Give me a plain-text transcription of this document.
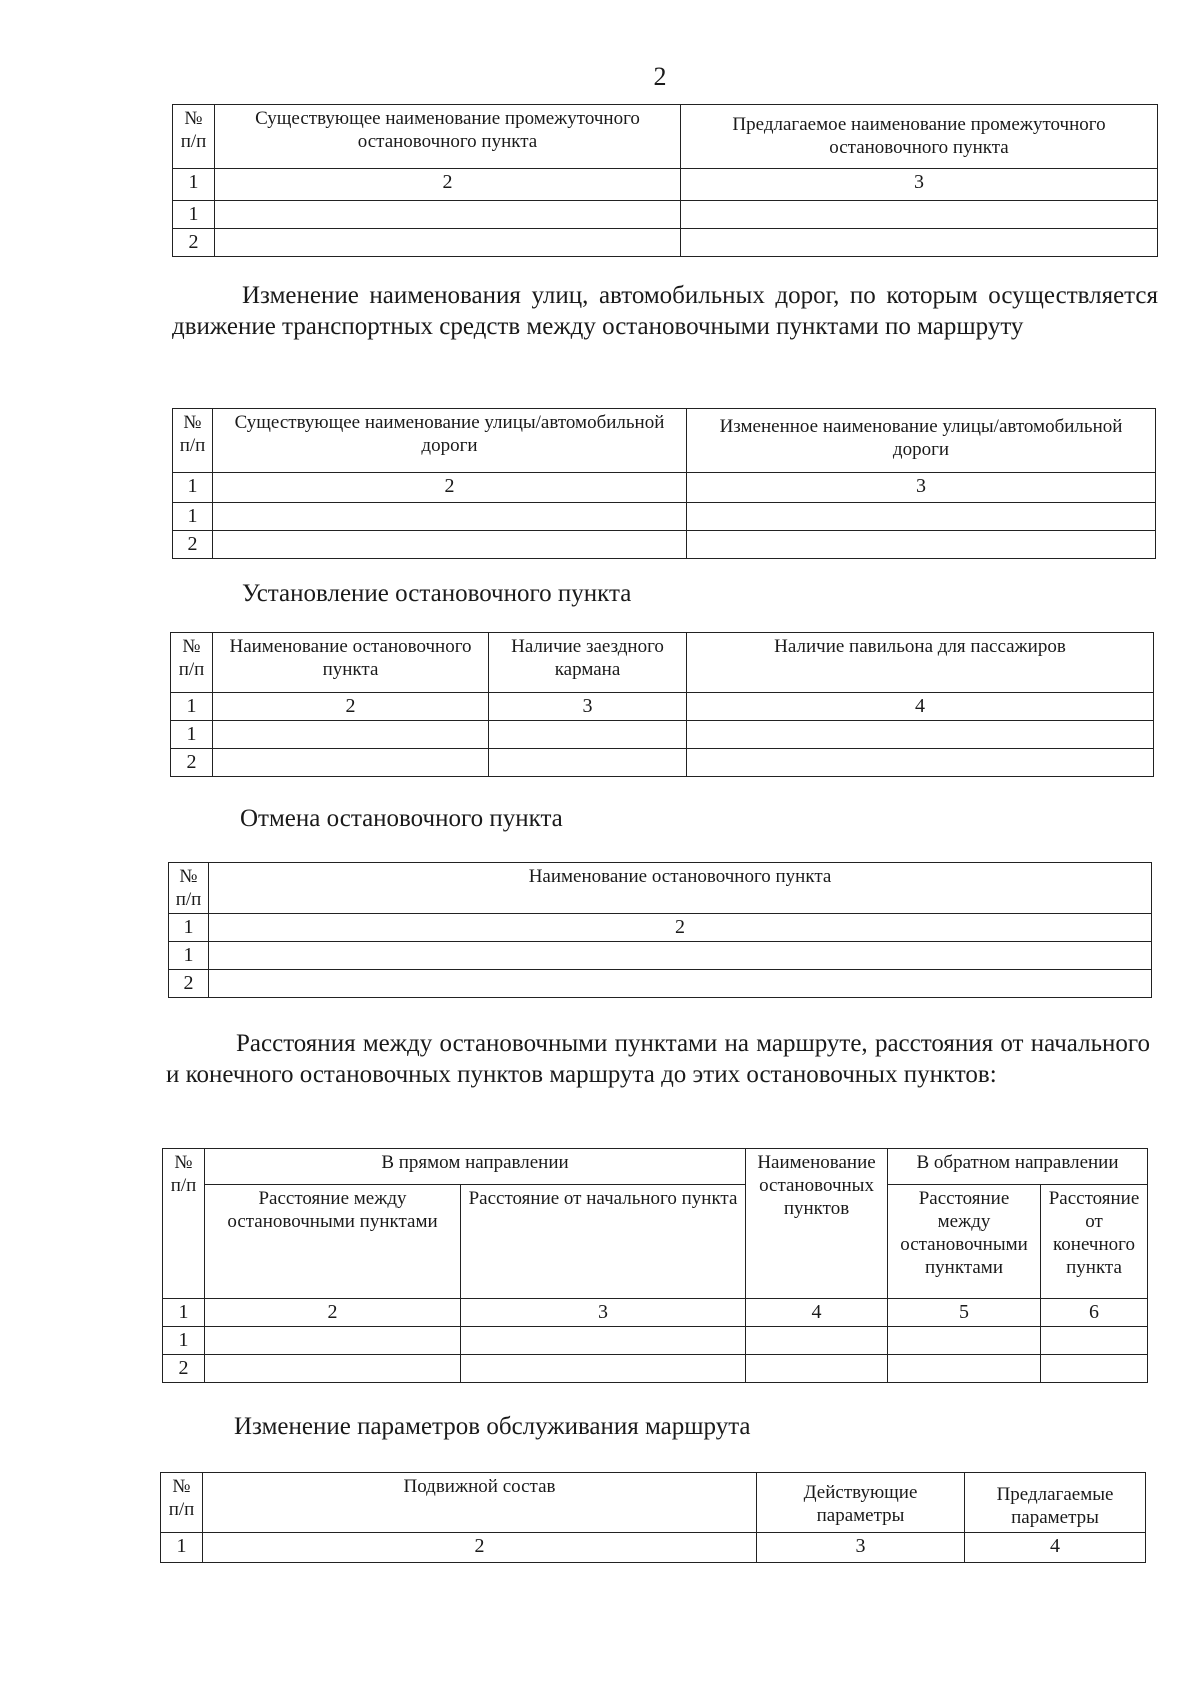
2
№ п/п	Существующее наименование промежуточного остановочного пункта	Предлагаемое наименование промежуточного остановочного пункта
1	2	3
1		
2		
Изменение наименования улиц, автомобильных дорог, по которым осуществляется движение транспортных средств между остановочными пунктами по маршруту
№ п/п	Существующее наименование улицы/автомобильной дороги	Измененное наименование улицы/автомобильной дороги
1	2	3
1		
2		
Установление остановочного пункта
№ п/п	Наименование остановочного пункта	Наличие заездного кармана	Наличие павильона для пассажиров
1	2	3	4
1			
2			
Отмена остановочного пункта
№ п/п	Наименование остановочного пункта
1	2
1	
2	
Расстояния между остановочными пунктами на маршруте, расстояния от начального и конечного остановочных пунктов маршрута до этих остановочных пунктов:
№ п/п	В прямом направлении		Наименование остановочных пунктов	В обратном направлении	
	Расстояние между остановочными пунктами	Расстояние от начального пункта		Расстояние между остановочными пунктами	Расстояние от конечного пункта
1	2	3	4	5	6
1					
2					
Изменение параметров обслуживания маршрута
№ п/п	Подвижной состав	Действующие параметры	Предлагаемые параметры
1	2	3	4
